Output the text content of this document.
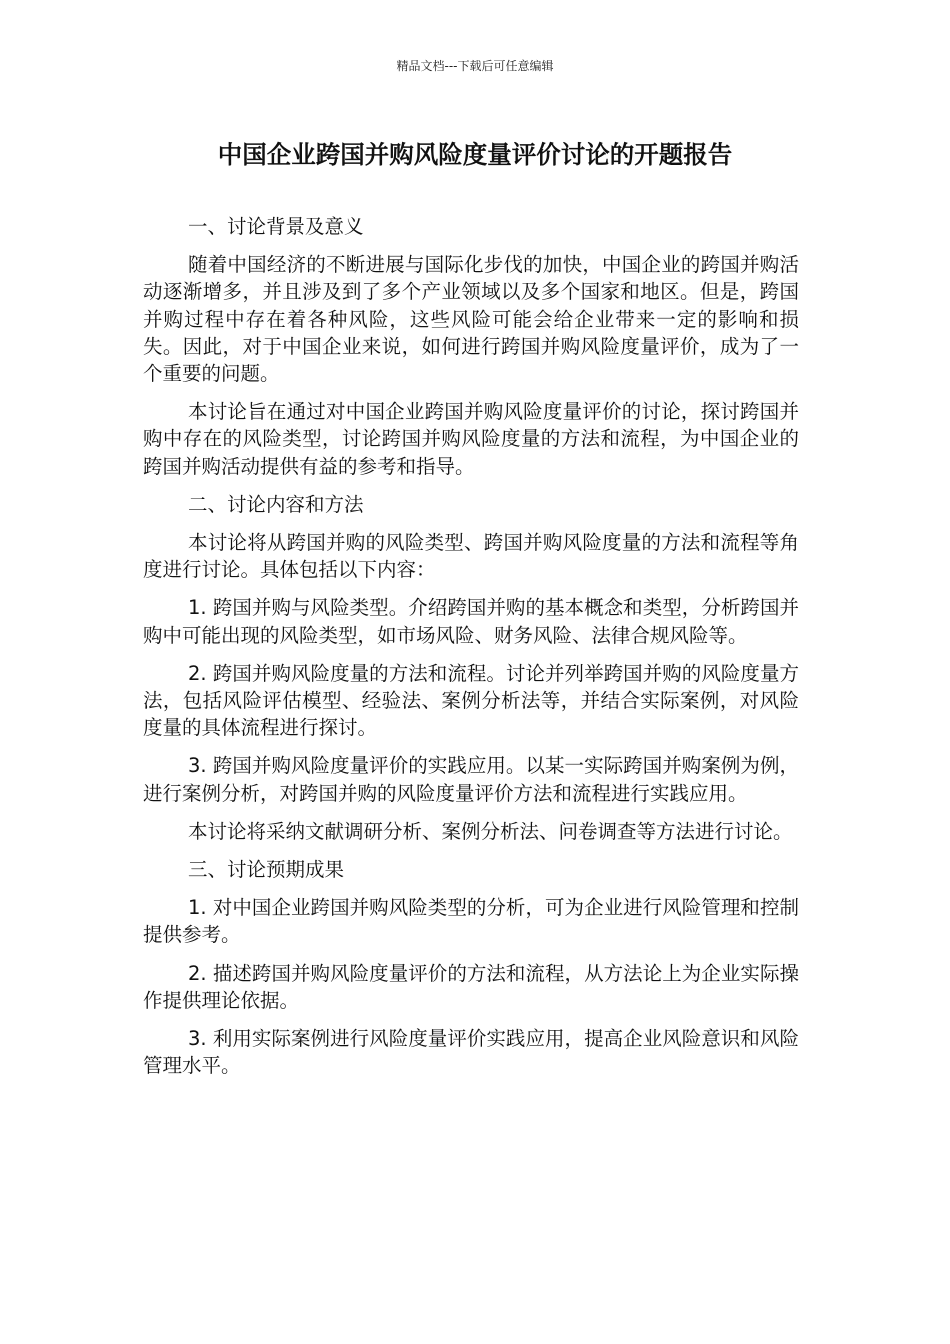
精品文档---下载后可任意编辑
中国企业跨国并购风险度量评价讨论的开题报告

一、讨论背景及意义

随着中国经济的不断进展与国际化步伐的加快，中国企业的跨国并购活动逐渐增多，并且涉及到了多个产业领域以及多个国家和地区。但是，跨国并购过程中存在着各种风险，这些风险可能会给企业带来一定的影响和损失。因此，对于中国企业来说，如何进行跨国并购风险度量评价，成为了一个重要的问题。

本讨论旨在通过对中国企业跨国并购风险度量评价的讨论，探讨跨国并购中存在的风险类型，讨论跨国并购风险度量的方法和流程，为中国企业的跨国并购活动提供有益的参考和指导。

二、讨论内容和方法

本讨论将从跨国并购的风险类型、跨国并购风险度量的方法和流程等角度进行讨论。具体包括以下内容：

1. 跨国并购与风险类型。介绍跨国并购的基本概念和类型，分析跨国并购中可能出现的风险类型，如市场风险、财务风险、法律合规风险等。

2. 跨国并购风险度量的方法和流程。讨论并列举跨国并购的风险度量方法，包括风险评估模型、经验法、案例分析法等，并结合实际案例，对风险度量的具体流程进行探讨。

3. 跨国并购风险度量评价的实践应用。以某一实际跨国并购案例为例，进行案例分析，对跨国并购的风险度量评价方法和流程进行实践应用。

本讨论将采纳文献调研分析、案例分析法、问卷调查等方法进行讨论。

三、讨论预期成果

1. 对中国企业跨国并购风险类型的分析，可为企业进行风险管理和控制提供参考。

2. 描述跨国并购风险度量评价的方法和流程，从方法论上为企业实际操作提供理论依据。

3. 利用实际案例进行风险度量评价实践应用，提高企业风险意识和风险管理水平。
